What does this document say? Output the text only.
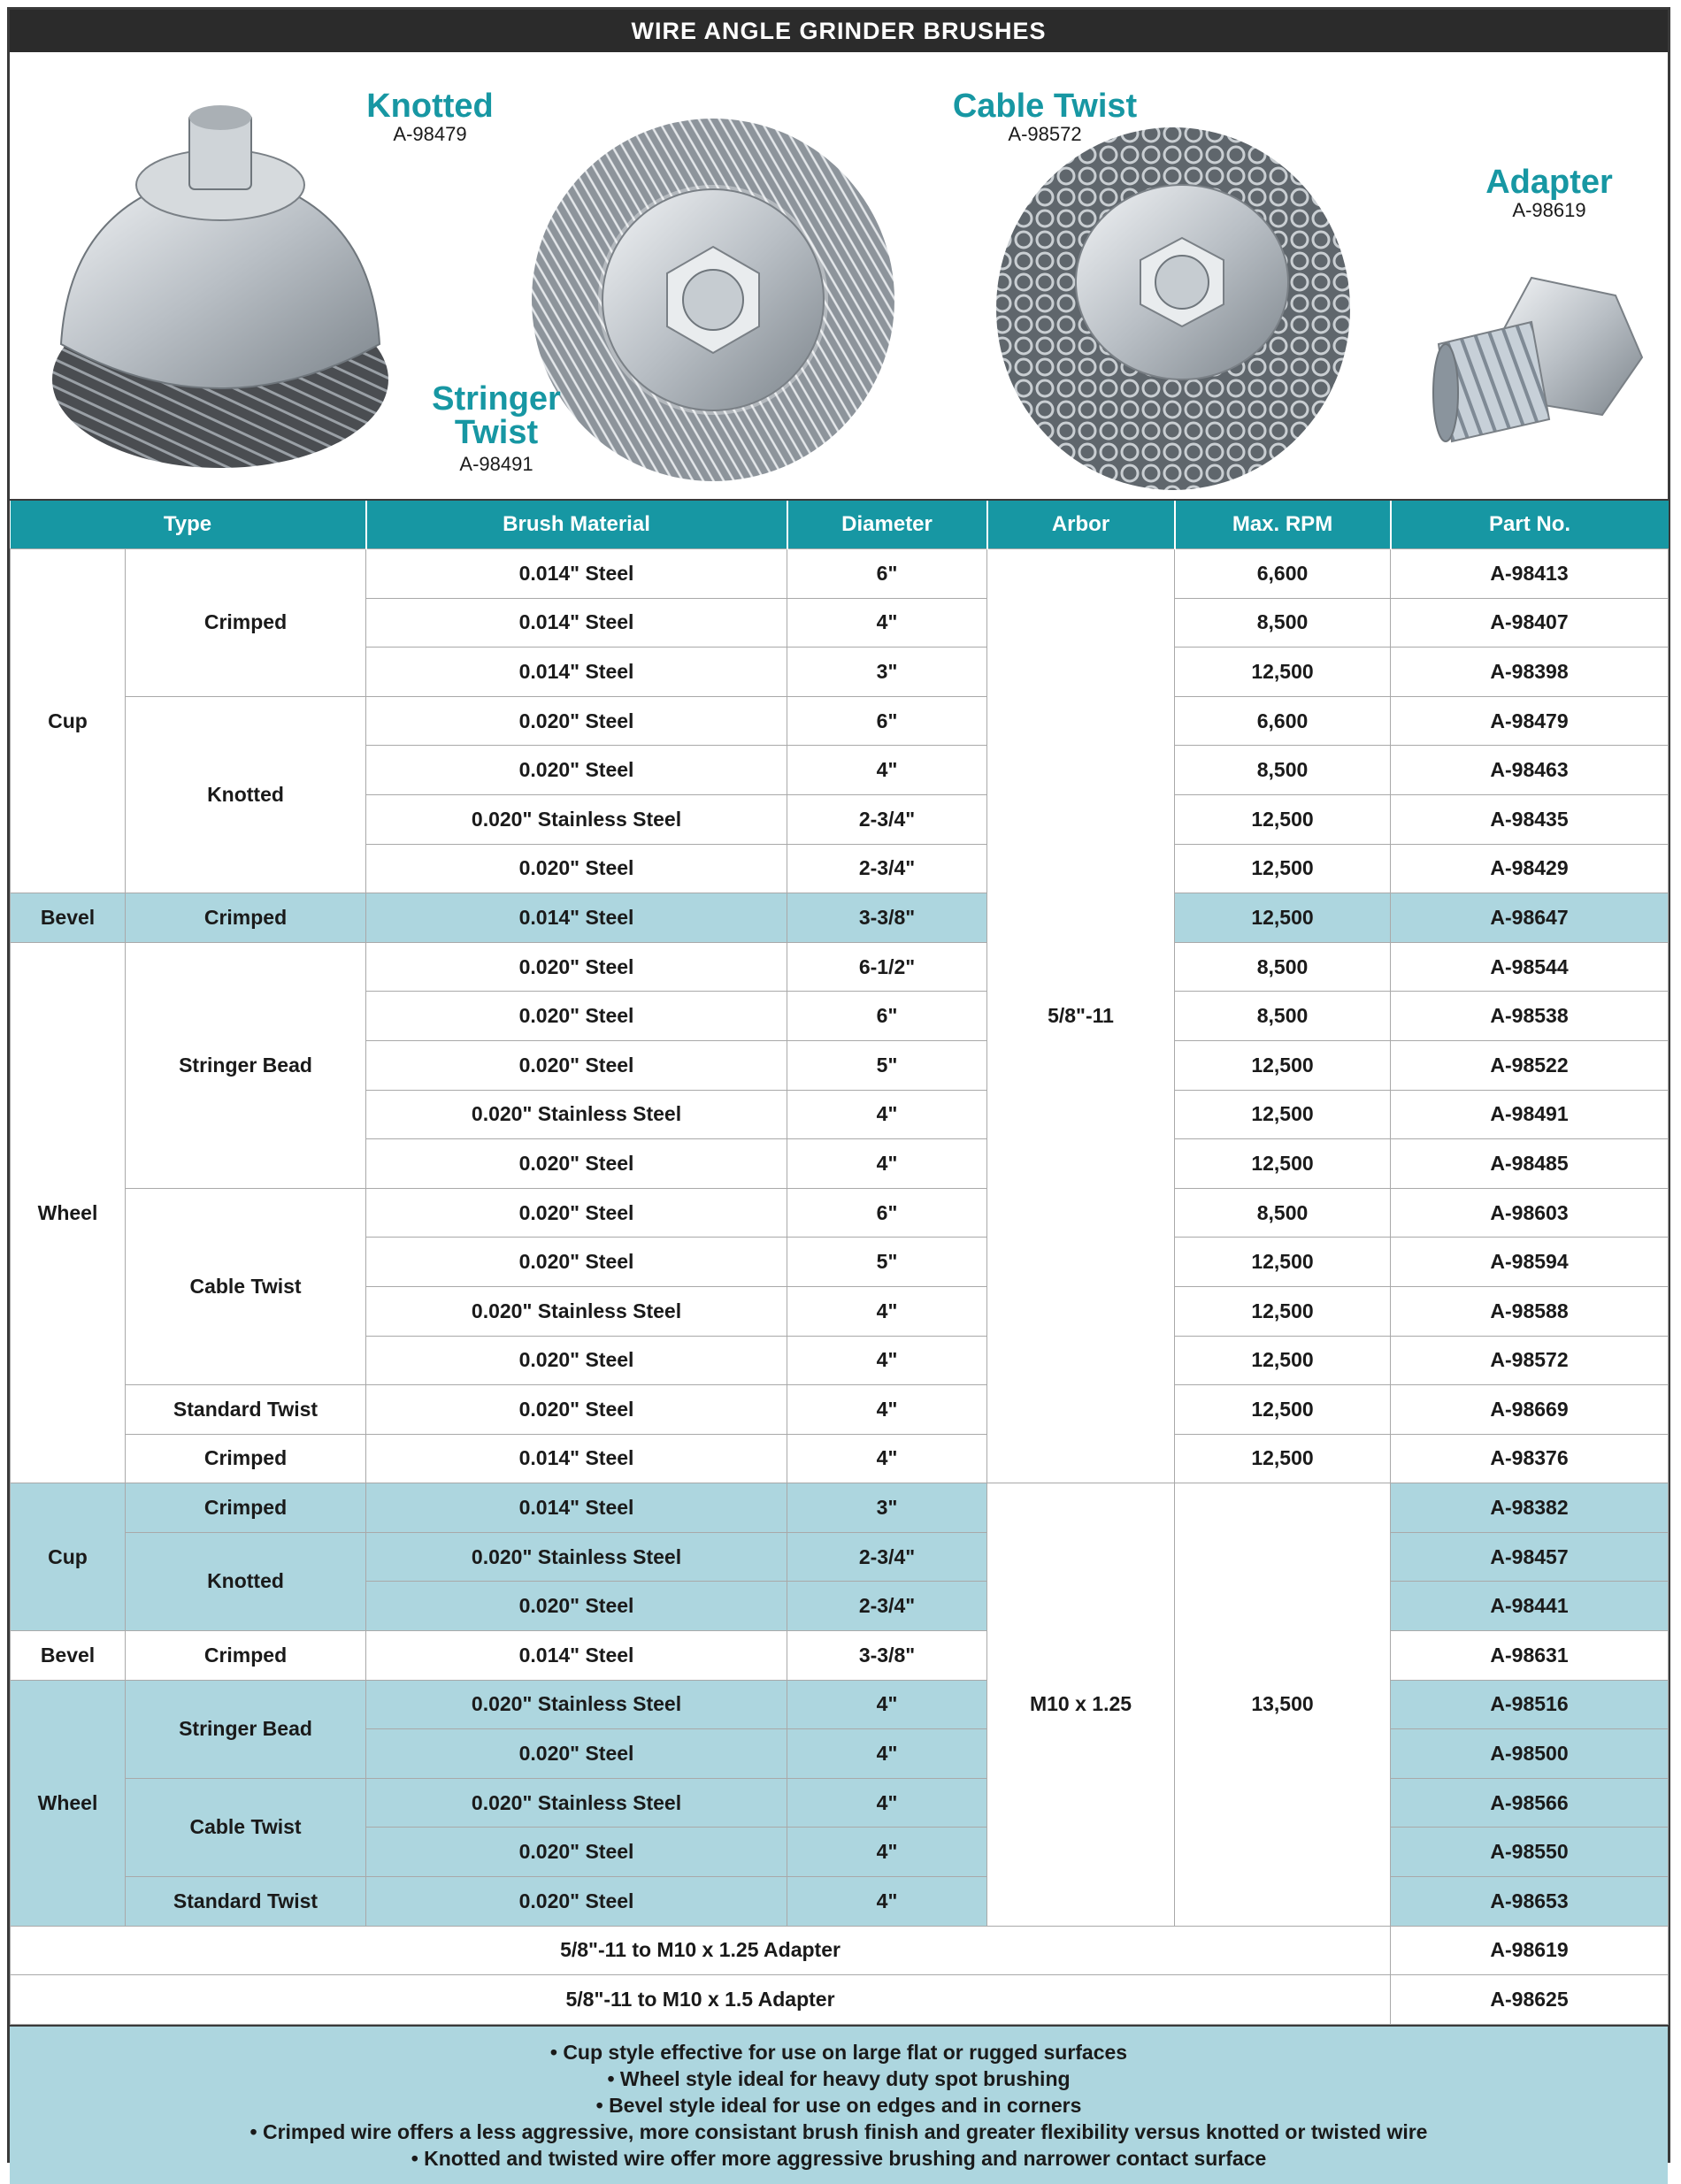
WIRE ANGLE GRINDER BRUSHES
Knotted
A-98479
Stringer
Twist
A-98491
Cable Twist
A-98572
Adapter
A-98619
Type		Brush Material	Diameter	Arbor	Max. RPM	Part No.
Cup	Crimped	0.014" Steel	6"	5/8"-11	6,600	A-98413
		0.014" Steel	4"		8,500	A-98407
		0.014" Steel	3"		12,500	A-98398
	Knotted	0.020" Steel	6"		6,600	A-98479
		0.020" Steel	4"		8,500	A-98463
		0.020" Stainless Steel	2-3/4"		12,500	A-98435
		0.020" Steel	2-3/4"		12,500	A-98429
Bevel	Crimped	0.014" Steel	3-3/8"		12,500	A-98647
Wheel	Stringer Bead	0.020" Steel	6-1/2"		8,500	A-98544
		0.020" Steel	6"		8,500	A-98538
		0.020" Steel	5"		12,500	A-98522
		0.020" Stainless Steel	4"		12,500	A-98491
		0.020" Steel	4"		12,500	A-98485
	Cable Twist	0.020" Steel	6"		8,500	A-98603
		0.020" Steel	5"		12,500	A-98594
		0.020" Stainless Steel	4"		12,500	A-98588
		0.020" Steel	4"		12,500	A-98572
	Standard Twist	0.020" Steel	4"		12,500	A-98669
	Crimped	0.014" Steel	4"		12,500	A-98376
Cup	Crimped	0.014" Steel	3"	M10 x 1.25	13,500	A-98382
	Knotted	0.020" Stainless Steel	2-3/4"			A-98457
		0.020" Steel	2-3/4"			A-98441
Bevel	Crimped	0.014" Steel	3-3/8"			A-98631
Wheel	Stringer Bead	0.020" Stainless Steel	4"			A-98516
		0.020" Steel	4"			A-98500
	Cable Twist	0.020" Stainless Steel	4"			A-98566
		0.020" Steel	4"			A-98550
	Standard Twist	0.020" Steel	4"			A-98653
5/8"-11 to M10 x 1.25 Adapter						A-98619
5/8"-11 to M10 x 1.5 Adapter						A-98625
• Cup style effective for use on large flat or rugged surfaces
• Wheel style ideal for heavy duty spot brushing
• Bevel style ideal for use on edges and in corners
• Crimped wire offers a less aggressive, more consistant brush finish and greater flexibility versus knotted or twisted wire
• Knotted and twisted wire offer more aggressive brushing and narrower contact surface
